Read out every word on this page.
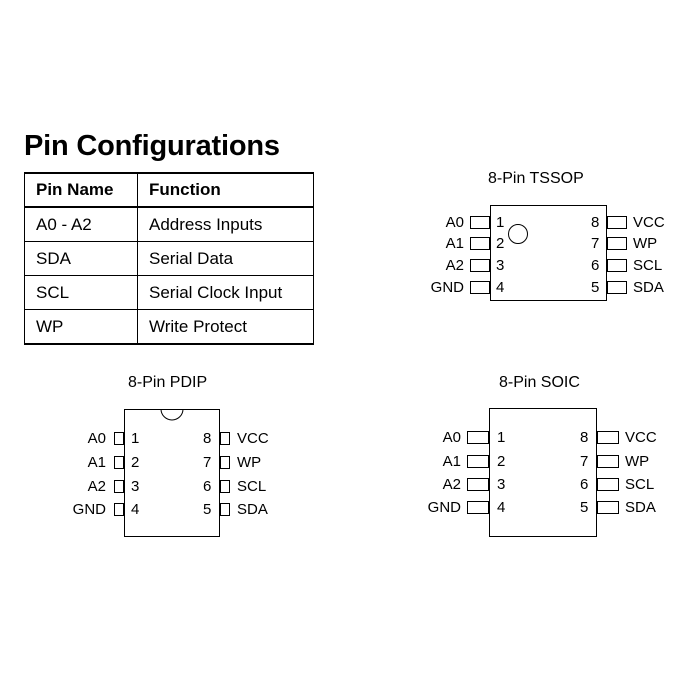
Pin Configurations
Pin Name	Function
A0 - A2	Address Inputs
SDA	Serial Data
SCL	Serial Clock Input
WP	Write Protect
8-Pin TSSOP
A0 1
A1 2
A2 3
GND 4
8 VCC
7 WP
6 SCL
5 SDA
8-Pin PDIP
A0 1
A1 2
A2 3
GND 4
8 VCC
7 WP
6 SCL
5 SDA
8-Pin SOIC
A0 1
A1 2
A2 3
GND 4
8 VCC
7 WP
6 SCL
5 SDA
